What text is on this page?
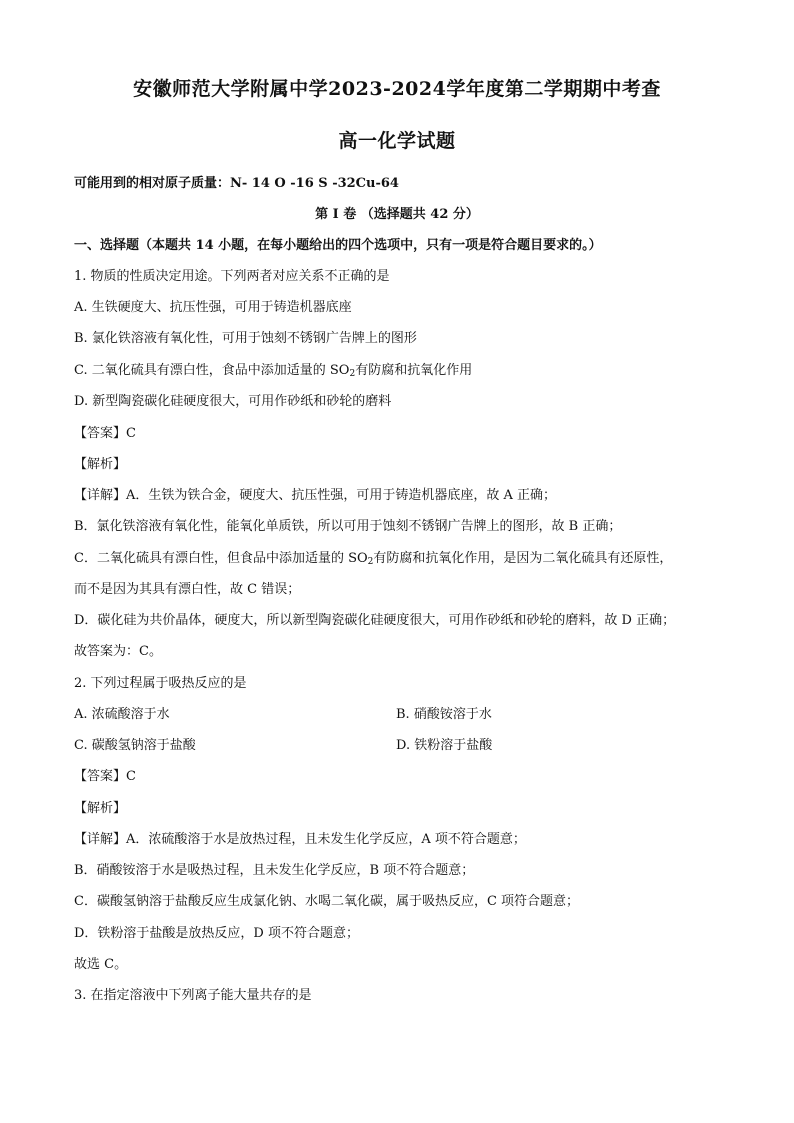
安徽师范大学附属中学2023-2024学年度第二学期期中考查
高一化学试题
可能用到的相对原子质量：N- 14 O -16 S -32Cu-64
第 I 卷 （选择题共 42 分）
一、选择题（本题共 14 小题，在每小题给出的四个选项中，只有一项是符合题目要求的。）
1. 物质的性质决定用途。下列两者对应关系不正确的是
A. 生铁硬度大、抗压性强，可用于铸造机器底座
B. 氯化铁溶液有氧化性，可用于蚀刻不锈钢广告牌上的图形
C. 二氧化硫具有漂白性，食品中添加适量的 $SO_2$有防腐和抗氧化作用
D. 新型陶瓷碳化硅硬度很大，可用作砂纸和砂轮的磨料
【答案】C
【解析】
【详解】A．生铁为铁合金，硬度大、抗压性强，可用于铸造机器底座，故 A 正确；
B．氯化铁溶液有氧化性，能氧化单质铁，所以可用于蚀刻不锈钢广告牌上的图形，故 B 正确；
C．二氧化硫具有漂白性，但食品中添加适量的 $SO_2$有防腐和抗氧化作用，是因为二氧化硫具有还原性，
而不是因为其具有漂白性，故 C 错误；
D．碳化硅为共价晶体，硬度大，所以新型陶瓷碳化硅硬度很大，可用作砂纸和砂轮的磨料，故 D 正确；
故答案为：C。
2. 下列过程属于吸热反应的是
A. 浓硫酸溶于水	B. 硝酸铵溶于水
C. 碳酸氢钠溶于盐酸	D. 铁粉溶于盐酸
【答案】C
【解析】
【详解】A．浓硫酸溶于水是放热过程，且未发生化学反应，A 项不符合题意；
B．硝酸铵溶于水是吸热过程，且未发生化学反应，B 项不符合题意；
C．碳酸氢钠溶于盐酸反应生成氯化钠、水喝二氧化碳，属于吸热反应，C 项符合题意；
D．铁粉溶于盐酸是放热反应，D 项不符合题意；
故选 C。
3. 在指定溶液中下列离子能大量共存的是
